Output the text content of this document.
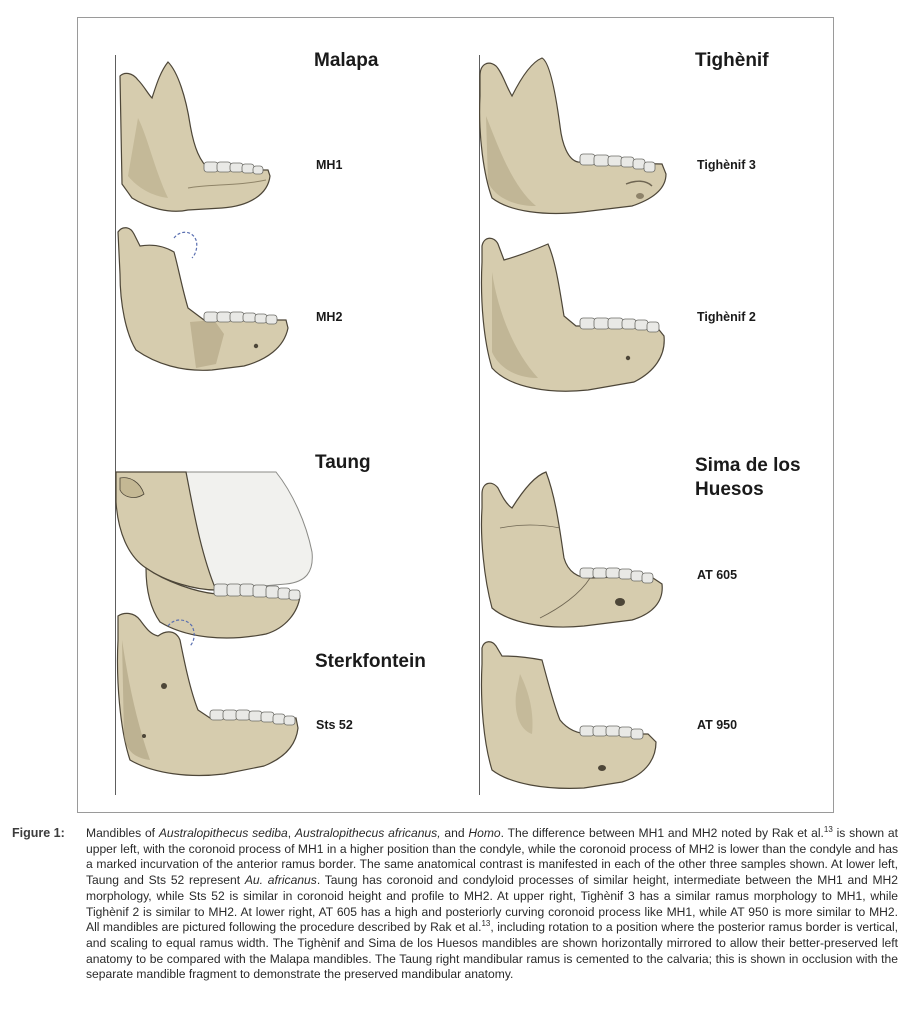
Malapa	Tighènif
Taung
Sterkfontein
Sima de los Huesos
MH1
MH2
Tighènif 3
Tighènif 2
AT 605
Sts 52	AT 950
Figure 1: Mandibles of Australopithecus sediba, Australopithecus africanus, and Homo. The difference between MH1 and MH2 noted by Rak et al.$^{13}$ is shown at upper left, with the coronoid process of MH1 in a higher position than the condyle, while the coronoid process of MH2 is lower than the condyle and has a marked incurvation of the anterior ramus border. The same anatomical contrast is manifested in each of the other three samples shown. At lower left, Taung and Sts 52 represent Au. africanus. Taung has coronoid and condyloid processes of similar height, intermediate between the MH1 and MH2 morphology, while Sts 52 is similar in coronoid height and profile to MH2. At upper right, Tighènif 3 has a similar ramus morphology to MH1, while Tighènif 2 is similar to MH2. At lower right, AT 605 has a high and posteriorly curving coronoid process like MH1, while AT 950 is more similar to MH2. All mandibles are pictured following the procedure described by Rak et al.$^{13}$, including rotation to a position where the posterior ramus border is vertical, and scaling to equal ramus width. The Tighènif and Sima de los Huesos mandibles are shown horizontally mirrored to allow their better-preserved left anatomy to be compared with the Malapa mandibles. The Taung right mandibular ramus is cemented to the calvaria; this is shown in occlusion with the separate mandible fragment to demonstrate the preserved mandibular anatomy.
